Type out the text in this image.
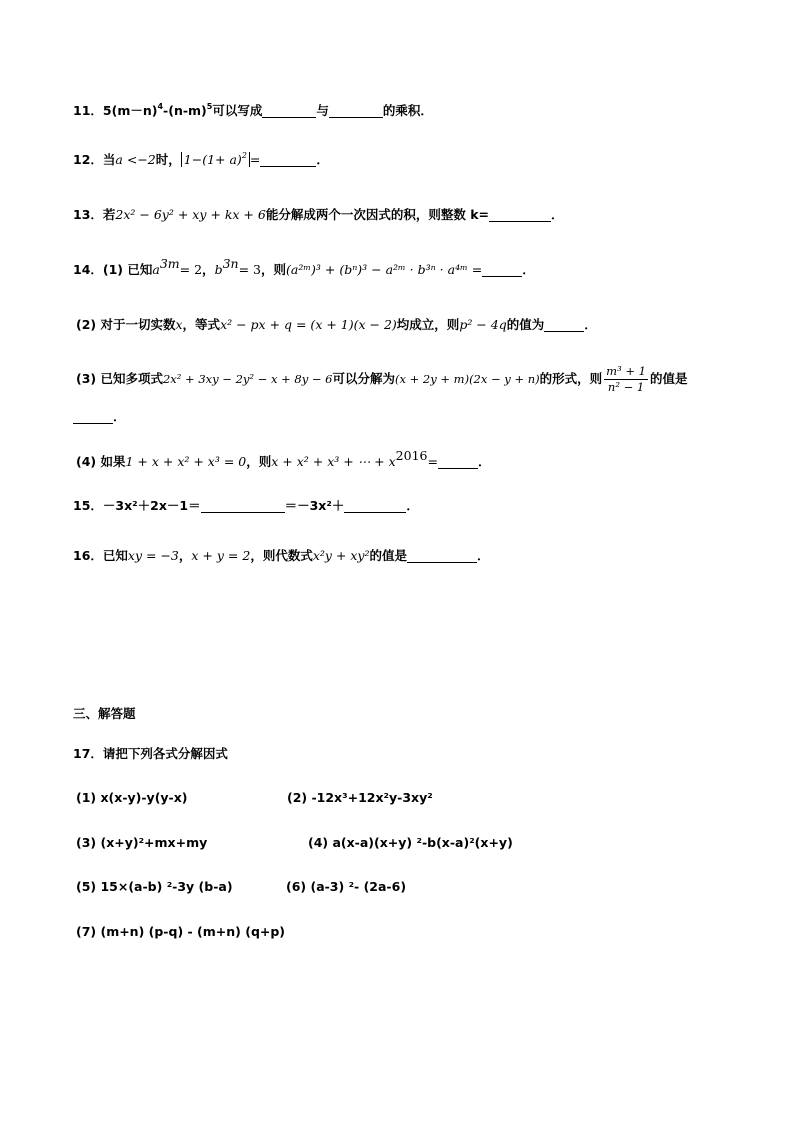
11．$5(m-n)^4-(n-m)^5$可以写成	与	的乘积．
12．当a <−2时， $1-(1+ a)^2$ =	．
13．若2x² − 6y² + xy + kx + 6能分解成两个一次因式的积，则整数 k=	．
14．(1) 已知$a^{3m}= 2$，$b^{3n}= 3$，则(a²ᵐ)³ + (bⁿ)³ − a²ᵐ · b³ⁿ · a⁴ᵐ =	．
(2) 对于一切实数x，等式x² − px + q = (x + 1)(x − 2)均成立，则p² − 4q的值为	．
(3) 已知多项式2x² + 3xy − 2y² − x + 8y − 6可以分解为(x + 2y + m)(2x − y + n)的形式，则 $\frac{\text{m³ + 1}}{\text{n² − 1}}$ 的值是
．
(4) 如果1 + x + x² + x³ = 0，则x + x² + x³ + ⋯ + $x^{2016}=$	．
15．－3x²＋2x－1＝	＝－3x²＋	．
16．已知xy = −3，x + y = 2，则代数式x²y + xy²的值是	．
三、解答题
17．请把下列各式分解因式
(1) x(x-y)-y(y-x)	(2) -12x³+12x²y-3xy²
(3) (x+y)²+mx+my	(4) a(x-a)(x+y) ²-b(x-a)²(x+y)
(5) 15×(a-b) ²-3y (b-a)	(6) (a-3) ²- (2a-6)
(7) (m+n) (p-q) - (m+n) (q+p)
